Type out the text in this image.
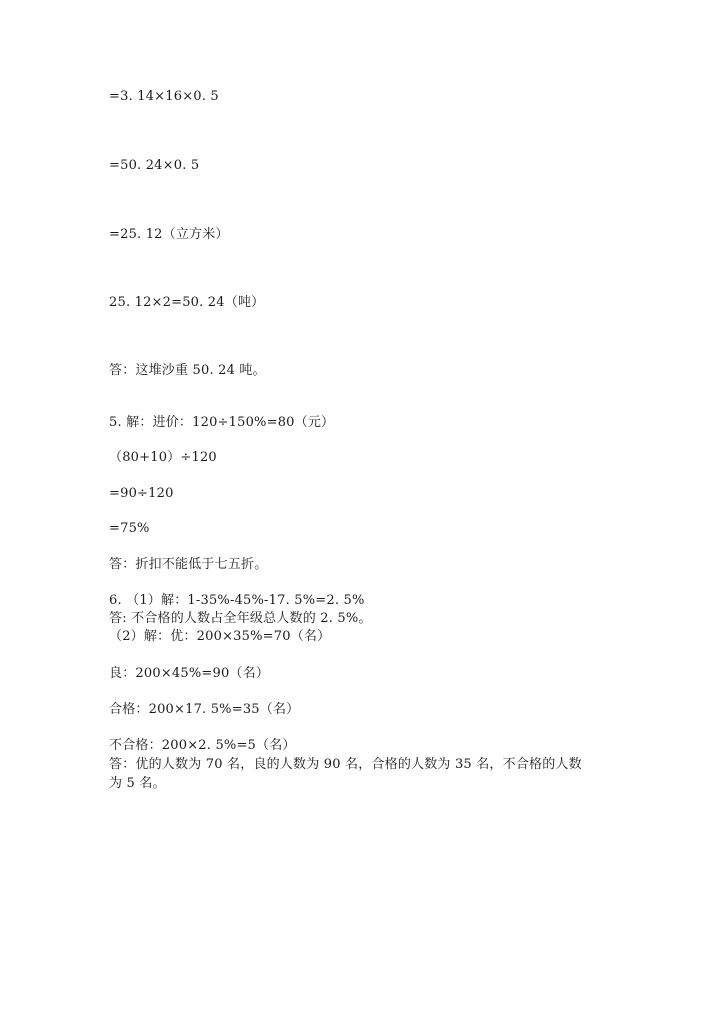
=3. 14×16×0. 5
=50. 24×0. 5
=25. 12（立方米）
25. 12×2=50. 24（吨）
答：这堆沙重 50. 24 吨。
5. 解：进价：120÷150%=80（元）
（80+10）÷120
=90÷120
=75%
答：折扣不能低于七五折。
6. （1）解：1-35%-45%-17. 5%=2. 5%
答: 不合格的人数占全年级总人数的 2. 5%。
（2）解：优：200×35%=70（名）
良：200×45%=90（名）
合格：200×17. 5%=35（名）
不合格：200×2. 5%=5（名）
答：优的人数为 70 名，良的人数为 90 名，合格的人数为 35 名，不合格的人数
为 5 名。
